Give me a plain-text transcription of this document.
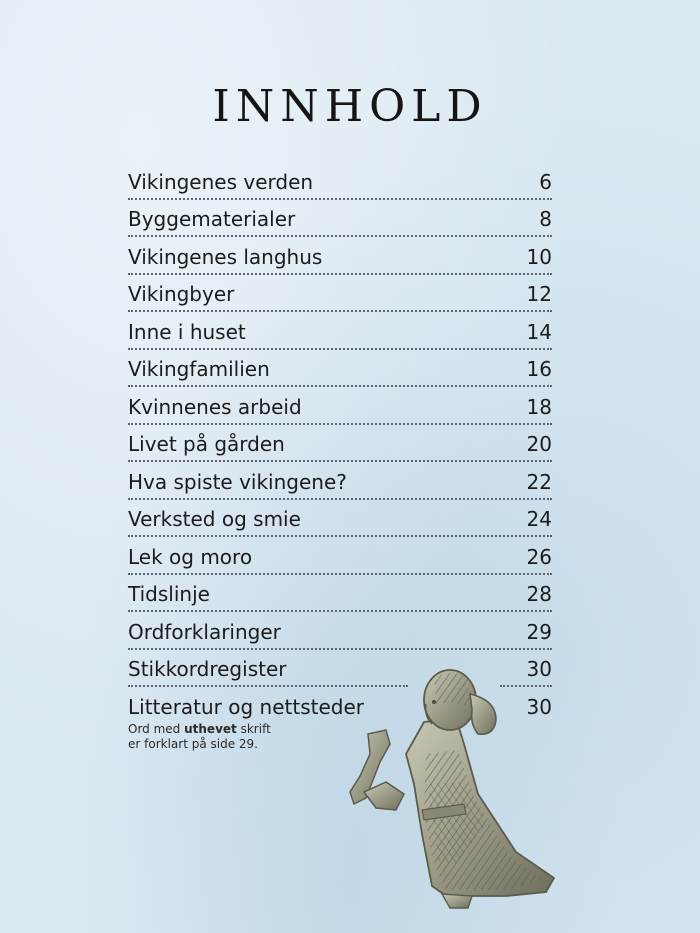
INNHOLD
Vikingenes verden	6
Byggematerialer	8
Vikingenes langhus	10
Vikingbyer	12
Inne i huset	14
Vikingfamilien	16
Kvinnenes arbeid	18
Livet på gården	20
Hva spiste vikingene?	22
Verksted og smie	24
Lek og moro	26
Tidslinje	28
Ordforklaringer	29
Stikkordregister	30
Litteratur og nettsteder	30
Ord med uthevet skrift
er forklart på side 29.
